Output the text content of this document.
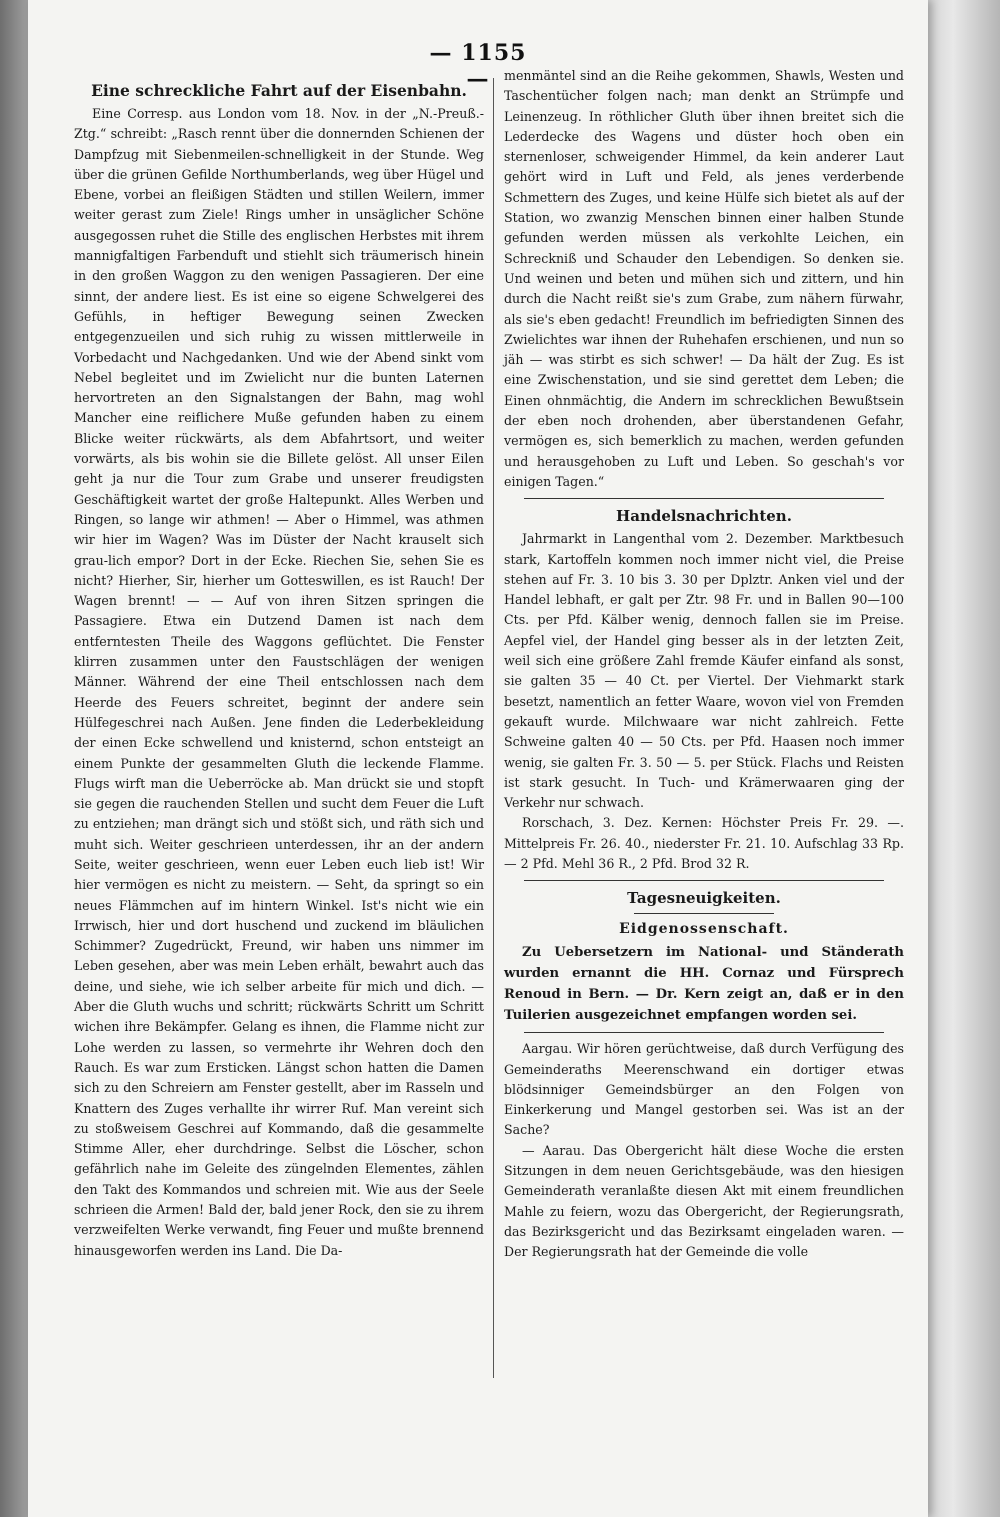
— 1155 —
Eine schreckliche Fahrt auf der Eisenbahn.

Eine Corresp. aus London vom 18. Nov. in der „N.-Preuß.-Ztg.“ schreibt: „Rasch rennt über die donnernden Schienen der Dampfzug mit Siebenmeilen-schnelligkeit in der Stunde. Weg über die grünen Gefilde Northumberlands, weg über Hügel und Ebene, vorbei an fleißigen Städten und stillen Weilern, immer weiter gerast zum Ziele! Rings umher in unsäglicher Schöne ausgegossen ruhet die Stille des englischen Herbstes mit ihrem mannigfaltigen Farbenduft und stiehlt sich träumerisch hinein in den großen Waggon zu den wenigen Passagieren. Der eine sinnt, der andere liest. Es ist eine so eigene Schwelgerei des Gefühls, in heftiger Bewegung seinen Zwecken entgegenzueilen und sich ruhig zu wissen mittlerweile in Vorbedacht und Nachgedanken. Und wie der Abend sinkt vom Nebel begleitet und im Zwielicht nur die bunten Laternen hervortreten an den Signalstangen der Bahn, mag wohl Mancher eine reiflichere Muße gefunden haben zu einem Blicke weiter rückwärts, als dem Abfahrtsort, und weiter vorwärts, als bis wohin sie die Billete gelöst. All unser Eilen geht ja nur die Tour zum Grabe und unserer freudigsten Geschäftigkeit wartet der große Haltepunkt. Alles Werben und Ringen, so lange wir athmen! — Aber o Himmel, was athmen wir hier im Wagen? Was im Düster der Nacht krauselt sich grau-lich empor? Dort in der Ecke. Riechen Sie, sehen Sie es nicht? Hierher, Sir, hierher um Gotteswillen, es ist Rauch! Der Wagen brennt! — — Auf von ihren Sitzen springen die Passagiere. Etwa ein Dutzend Damen ist nach dem entferntesten Theile des Waggons geflüchtet. Die Fenster klirren zusammen unter den Faustschlägen der wenigen Männer. Während der eine Theil entschlossen nach dem Heerde des Feuers schreitet, beginnt der andere sein Hülfegeschrei nach Außen. Jene finden die Lederbekleidung der einen Ecke schwellend und knisternd, schon entsteigt an einem Punkte der gesammelten Gluth die leckende Flamme. Flugs wirft man die Ueberröcke ab. Man drückt sie und stopft sie gegen die rauchenden Stellen und sucht dem Feuer die Luft zu entziehen; man drängt sich und stößt sich, und räth sich und muht sich. Weiter geschrieen unterdessen, ihr an der andern Seite, weiter geschrieen, wenn euer Leben euch lieb ist! Wir hier vermögen es nicht zu meistern. — Seht, da springt so ein neues Flämmchen auf im hintern Winkel. Ist's nicht wie ein Irrwisch, hier und dort huschend und zuckend im bläulichen Schimmer? Zugedrückt, Freund, wir haben uns nimmer im Leben gesehen, aber was mein Leben erhält, bewahrt auch das deine, und siehe, wie ich selber arbeite für mich und dich. — Aber die Gluth wuchs und schritt; rückwärts Schritt um Schritt wichen ihre Bekämpfer. Gelang es ihnen, die Flamme nicht zur Lohe werden zu lassen, so vermehrte ihr Wehren doch den Rauch. Es war zum Ersticken. Längst schon hatten die Damen sich zu den Schreiern am Fenster gestellt, aber im Rasseln und Knattern des Zuges verhallte ihr wirrer Ruf. Man vereint sich zu stoßweisem Geschrei auf Kommando, daß die gesammelte Stimme Aller, eher durchdringe. Selbst die Löscher, schon gefährlich nahe im Geleite des züngelnden Elementes, zählen den Takt des Kommandos und schreien mit. Wie aus der Seele schrieen die Armen! Bald der, bald jener Rock, den sie zu ihrem verzweifelten Werke verwandt, fing Feuer und mußte brennend hinausgeworfen werden ins Land. Die Da-

menmäntel sind an die Reihe gekommen, Shawls, Westen und Taschentücher folgen nach; man denkt an Strümpfe und Leinenzeug. In röthlicher Gluth über ihnen breitet sich die Lederdecke des Wagens und düster hoch oben ein sternenloser, schweigender Himmel, da kein anderer Laut gehört wird in Luft und Feld, als jenes verderbende Schmettern des Zuges, und keine Hülfe sich bietet als auf der Station, wo zwanzig Menschen binnen einer halben Stunde gefunden werden müssen als verkohlte Leichen, ein Schreckniß und Schauder den Lebendigen. So denken sie. Und weinen und beten und mühen sich und zittern, und hin durch die Nacht reißt sie's zum Grabe, zum nähern fürwahr, als sie's eben gedacht! Freundlich im befriedigten Sinnen des Zwielichtes war ihnen der Ruhehafen erschienen, und nun so jäh — was stirbt es sich schwer! — Da hält der Zug. Es ist eine Zwischenstation, und sie sind gerettet dem Leben; die Einen ohnmächtig, die Andern im schrecklichen Bewußtsein der eben noch drohenden, aber überstandenen Gefahr, vermögen es, sich bemerklich zu machen, werden gefunden und herausgehoben zu Luft und Leben. So geschah's vor einigen Tagen.“

Handelsnachrichten.

Jahrmarkt in Langenthal vom 2. Dezember. Marktbesuch stark, Kartoffeln kommen noch immer nicht viel, die Preise stehen auf Fr. 3. 10 bis 3. 30 per Dplztr. Anken viel und der Handel lebhaft, er galt per Ztr. 98 Fr. und in Ballen 90—100 Cts. per Pfd. Kälber wenig, dennoch fallen sie im Preise. Aepfel viel, der Handel ging besser als in der letzten Zeit, weil sich eine größere Zahl fremde Käufer einfand als sonst, sie galten 35 — 40 Ct. per Viertel. Der Viehmarkt stark besetzt, namentlich an fetter Waare, wovon viel von Fremden gekauft wurde. Milchwaare war nicht zahlreich. Fette Schweine galten 40 — 50 Cts. per Pfd. Haasen noch immer wenig, sie galten Fr. 3. 50 — 5. per Stück. Flachs und Reisten ist stark gesucht. In Tuch- und Krämerwaaren ging der Verkehr nur schwach.

Rorschach, 3. Dez. Kernen: Höchster Preis Fr. 29. —. Mittelpreis Fr. 26. 40., niederster Fr. 21. 10. Aufschlag 33 Rp. — 2 Pfd. Mehl 36 R., 2 Pfd. Brod 32 R.

Tagesneuigkeiten.
Eidgenossenschaft.

Zu Uebersetzern im National- und Ständerath wurden ernannt die HH. Cornaz und Fürsprech Renoud in Bern. — Dr. Kern zeigt an, daß er in den Tuilerien ausgezeichnet empfangen worden sei.

Aargau. Wir hören gerüchtweise, daß durch Verfügung des Gemeinderaths Meerenschwand ein dortiger etwas blödsinniger Gemeindsbürger an den Folgen von Einkerkerung und Mangel gestorben sei. Was ist an der Sache?

— Aarau. Das Obergericht hält diese Woche die ersten Sitzungen in dem neuen Gerichtsgebäude, was den hiesigen Gemeinderath veranlaßte diesen Akt mit einem freundlichen Mahle zu feiern, wozu das Obergericht, der Regierungsrath, das Bezirksgericht und das Bezirksamt eingeladen waren. — Der Regierungsrath hat der Gemeinde die volle
